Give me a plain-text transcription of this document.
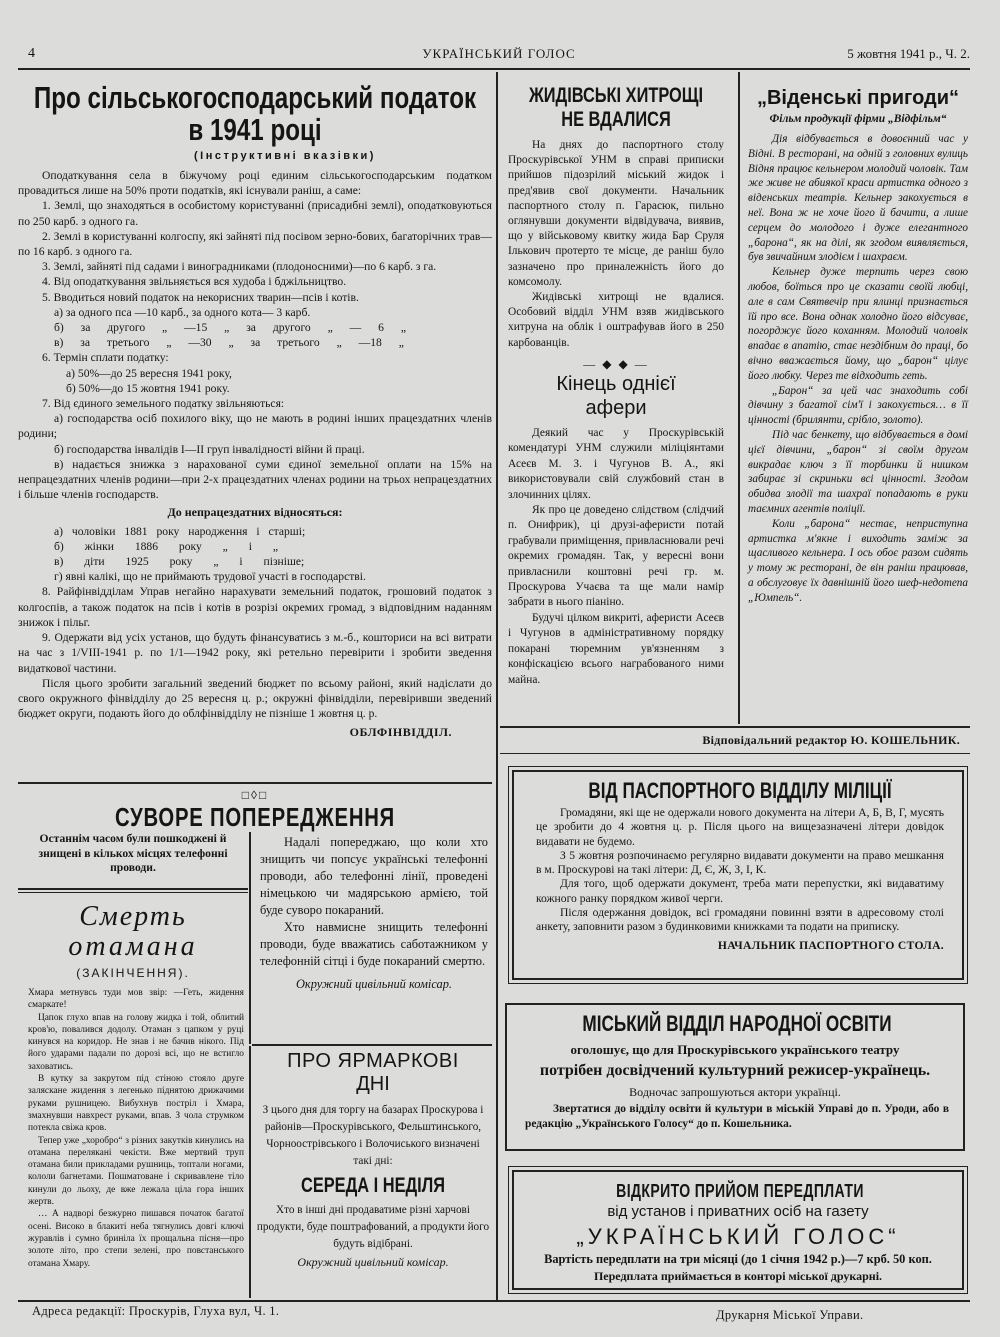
4	УКРАЇНСЬКИЙ ГОЛОС	5 жовтня 1941 р., Ч. 2.
Про сільськогосподарський податок
в 1941 році
(Інструктивні вказівки)

Оподаткування села в біжучому році единим сільськогосподарським податком провадиться лише на 50% проти податків, які існували раніш, а саме:

1. Землі, що знаходяться в особистому користуванні (присадибні землі), оподатковуються по 250 карб. з одного га.

2. Землі в користуванні колгоспу, які зайняті під посівом зерно-бових, багаторічних трав—по 16 карб. з одного га.

3. Землі, зайняті під садами і виноградниками (плодоносними)—по 6 карб. з га.

4. Від оподаткування звільняється вся худоба і бджільництво.

5. Вводиться новий податок на некорисних тварин—псів і котів.

а) за одного пса —10 карб., за одного кота— 3 карб.

б) за другого „ —15 „ за другого „ — 6 „

в) за третього „ —30 „ за третього „ —18 „

6. Термін сплати податку:

а) 50%—до 25 вересня 1941 року,

б) 50%—до 15 жовтня 1941 року.

7. Від єдиного земельного податку звільняються:

а) господарства осіб похилого віку, що не мають в родині інших працездатних членів родини;

б) господарства інвалідів І—ІІ груп інвалідності війни й праці.

в) надається знижка з нарахованої суми єдиної земельної оплати на 15% на непрацездатних членів родини—при 2-х працездатних членах родини на трьох непрацездатних і більше членів господарств.

До непрацездатних відносяться:

а) чоловіки 1881 року народження і старші;

б) жінки 1886 року „ і „

в) діти 1925 року „ і пізніше;

г) явні калікі, що не приймають трудової участі в господарстві.

8. Райфінвідділам Управ негайно нарахувати земельний податок, грошовий податок з колгоспів, а також податок на псів і котів в розрізі окремих громад, з відповідним наданням знижок і пільг.

9. Одержати від усіх установ, що будуть фінансуватись з м.-б., кошториси на всі витрати на час з 1/VIII-1941 р. по 1/1—1942 року, які ретельно перевірити і зробити зведення видаткової частини.

Після цього зробити загальний зведений бюджет по всьому районі, який надіслати до свого окружного фінвідділу до 25 вересня ц. р.; окружні фінвідділи, перевіривши зведений бюджет округи, подають його до облфінвідділу не пізніше 1 жовтня ц. р.

ОБЛФІНВІДДІЛ.
□◊□
СУВОРЕ ПОПЕРЕДЖЕННЯ
Останнім часом були пошкоджені й знищені в кількох місцях телефонні проводи.

Надалі попереджаю, що коли хто знищить чи попсує українські телефонні проводи, або телефонні лінії, проведені німецькою чи мадярською армією, той буде суворо покараний.

Хто навмисне знищить телефонні проводи, буде вважатись саботажником у телефонній сітці і буде покараний смертю.

Окружний цивільний комісар.

Смерть
отамана
(ЗАКІНЧЕННЯ).

Хмара метнувсь туди мов звір: —Геть, жидення смаркате!

Цапок глухо впав на голову жидка і той, облитий кров'ю, повалився додолу. Отаман з цапком у руці кинувся на коридор. Не знав і не бачив нікого. Під його ударами падали по дорозі всі, що не встигло заховатись.

В кутку за закрутом під стіною стояло друге заляскане жидення з легенько піднятою дрижачими руками рушницею. Вибухнув постріл і Хмара, змахнувши навхрест руками, впав. З чола струмком потекла свіжа кров.

Тепер уже „хоробро“ з різних закутків кинулись на отамана переляканi чекісти. Вже мертвий труп отамана били прикладами рушниць, топтали ногами, кололи багнетами. Пошматоване і скривавлене тіло кинули до льоху, де вже лежала ціла гора інших жертв.

… А надворі безжурно пишався початок багатої осені. Високо в блакиті неба тягнулись довгі ключі журавлів і сумно бриніла їх прощальна пісня—про золоте літо, про степи зелені, про повстанського отамана Хмару.

ПРО ЯРМАРКОВІ
ДНІ

З цього дня для торгу на базарах Проскурова і районів—Проскурівського, Фельштинського, Чорноострівського і Волочиського визначені такі дні:

СЕРЕДА І НЕДІЛЯ

Хто в інші дні продаватиме різні харчові продукти, буде поштрафований, а продукти його будуть відібрані.

Окружний цивільний комісар.

ЖИДІВСЬКІ ХИТРОЩІ
НЕ ВДАЛИСЯ

На днях до паспортного столу Проскурівської УНМ в справі приписки прийшов підозрілий міський жидок і пред'явив свої документи. Начальник паспортного столу п. Гарасюк, пильно оглянувши документи відвідувача, виявив, що у військовому квитку жида Бар Сруля Ількович протерто те місце, де раніш було зазначено про приналежність його до комсомолу.

Жидівські хитрощі не вдалися. Особовий відділ УНМ взяв жидівського хитруна на облік і оштрафував його в 250 карбованців.

— ◆ ◆ —
Кінець однієї
афери

Деякий час у Проскурівській комендатурі УНМ служили міліціянтами Асеєв М. З. і Чугунов В. А., які використовували свій службовий стан в злочинних цілях.

Як про це доведено слідством (слідчий п. Онифрик), ці друзі-аферисти потай грабували приміщення, привласнювали речі окремих громадян. Так, у вересні вони привласнили коштовні речі гр. м. Проскурова Учаєва та ще мали намір забрати в нього піаніно.

Будучі цілком викриті, аферисти Асеєв і Чугунов в адміністративному порядку покарані тюремним ув'язненням з конфіскацією всього награбованого ними майна.

„Віденські пригоди“
Фільм продукції фірми „Відфільм“

Дія відбувається в довоєнний час у Відні. В ресторані, на одній з головних вулиць Відня працює кельнером молодий чоловік. Там же живе не абиякої краси артистка одного з віденських театрів. Кельнер закохується в неї. Вона ж не хоче його й бачити, а лише серцем до молодого і дуже елегантного „барона“, як на ділі, як згодом виявляється, був звичайним злодієм і шахраєм.

Кельнер дуже терпить через свою любов, боїться про це сказати своїй любці, але в сам Святвечір при ялинці признається їй про все. Вона однак холодно його відсуває, погорджує його коханням. Молодий чоловік впадає в апатію, стає нездібним до праці, бо вічно вважається йому, що „барон“ цілує його любку. Через те відходить геть.

„Барон“ за цей час знаходить собі дівчину з багатої сім'ї і закохується… в її цінності (брилянти, срібло, золото).

Під час бенкету, що відбувається в домі цієї дівчини, „барон“ зі своїм другом викрадає ключ з її торбинки й нишком забирає зі скриньки всі цінності. Згодом обидва злодії та шахраї попадають в руки таємних агентів поліції.

Коли „барона“ нестає, неприступна артистка м'якне і виходить заміж за щасливого кельнера. І ось обоє разом сидять у тому ж ресторані, де він раніш працював, а обслуговує їх давнішній його шеф-недотепа „Юмпель“.

Відповідальний редактор Ю. КОШЕЛЬНИК.
ВІД ПАСПОРТНОГО ВІДДІЛУ МІЛІЦІЇ

Громадяни, які ще не одержали нового документа на літери А, Б, В, Г, мусять це зробити до 4 жовтня ц. р. Після цього на вищезазначені літери довідок видавати не будемо.

З 5 жовтня розпочинаємо регулярно видавати документи на право мешкання в м. Проскурові на такі літери: Д, Є, Ж, З, І, К.

Для того, щоб одержати документ, треба мати перепустки, які видаватиму кожного ранку порядком живої черги.

Після одержання довідок, всі громадяни повинні взяти в адресовому столі анкету, заповнити разом з будинковими книжками та подати на приписку.

НАЧАЛЬНИК ПАСПОРТНОГО СТОЛА.
МІСЬКИЙ ВІДДІЛ НАРОДНОЇ ОСВІТИ
оголошує, що для Проскурівського українського театру
потрібен досвідчений культурний режисер-українець.
Водночас запрошуються актори українці.

Звертатися до відділу освіти й культури в міській Управі до п. Уроди, або в редакцію „Українського Голосу“ до п. Кошельника.

ВІДКРИТО ПРИЙОМ ПЕРЕДПЛАТИ
від установ і приватних осіб на газету
„УКРАЇНСЬКИЙ ГОЛОС“
Вартість передплати на три місяці (до 1 січня 1942 р.)—7 крб. 50 коп.
Передплата приймається в конторі міської друкарні.
Адреса редакції: Проскурів, Глуха вул, Ч. 1.	Друкарня Міської Управи.
